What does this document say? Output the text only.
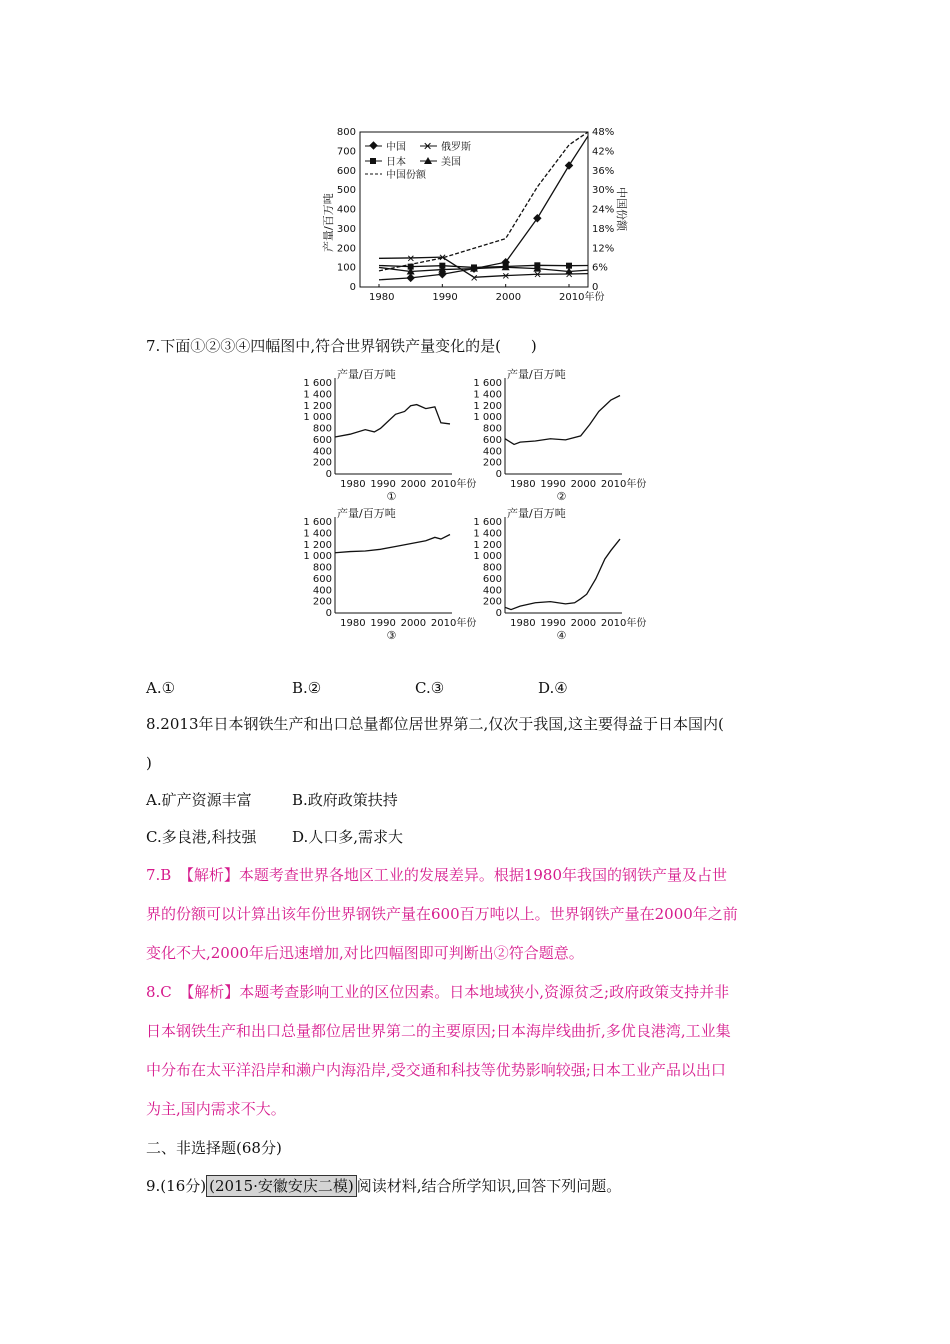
800
700
600
500
400
300
200
100
0
48%
42%
36%
30%
24%
18%
12%
6%
0
1980	1990	2000	2010年份
产量/百万吨	中国份额
✕ ✕
✕ ✕ ✕ ✕
中国 ✕ 俄罗斯
日本	美国
中国份额
7.下面①②③④四幅图中,符合世界钢铁产量变化的是(　　)
产量/百万吨
1 600
1 400
1 200
1 000
800
600
400
200
0
1980 1990 2000 2010年份
①
产量/百万吨
1 600
1 400
1 200
1 000
800
600
400
200
0
1980 1990 2000 2010年份
②
产量/百万吨
1 600
1 400
1 200
1 000
800
600
400
200
0
1980 1990 2000 2010年份
③
产量/百万吨
1 600
1 400
1 200
1 000
800
600
400
200
0
1980 1990 2000 2010年份
④
A.①	B.②	C.③	D.④
8.2013年日本钢铁生产和出口总量都位居世界第二,仅次于我国,这主要得益于日本国内(
)
A.矿产资源丰富	B.政府政策扶持
C.多良港,科技强 D.人口多,需求大
7.B　【解析】本题考查世界各地区工业的发展差异。根据1980年我国的钢铁产量及占世
界的份额可以计算出该年份世界钢铁产量在600百万吨以上。世界钢铁产量在2000年之前
变化不大,2000年后迅速增加,对比四幅图即可判断出②符合题意。
8.C　【解析】本题考查影响工业的区位因素。日本地域狭小,资源贫乏;政府政策支持并非
日本钢铁生产和出口总量都位居世界第二的主要原因;日本海岸线曲折,多优良港湾,工业集
中分布在太平洋沿岸和濑户内海沿岸,受交通和科技等优势影响较强;日本工业产品以出口
为主,国内需求不大。
二、非选择题(68分)
9.(16分) (2015·安徽安庆二模) 阅读材料,结合所学知识,回答下列问题。
